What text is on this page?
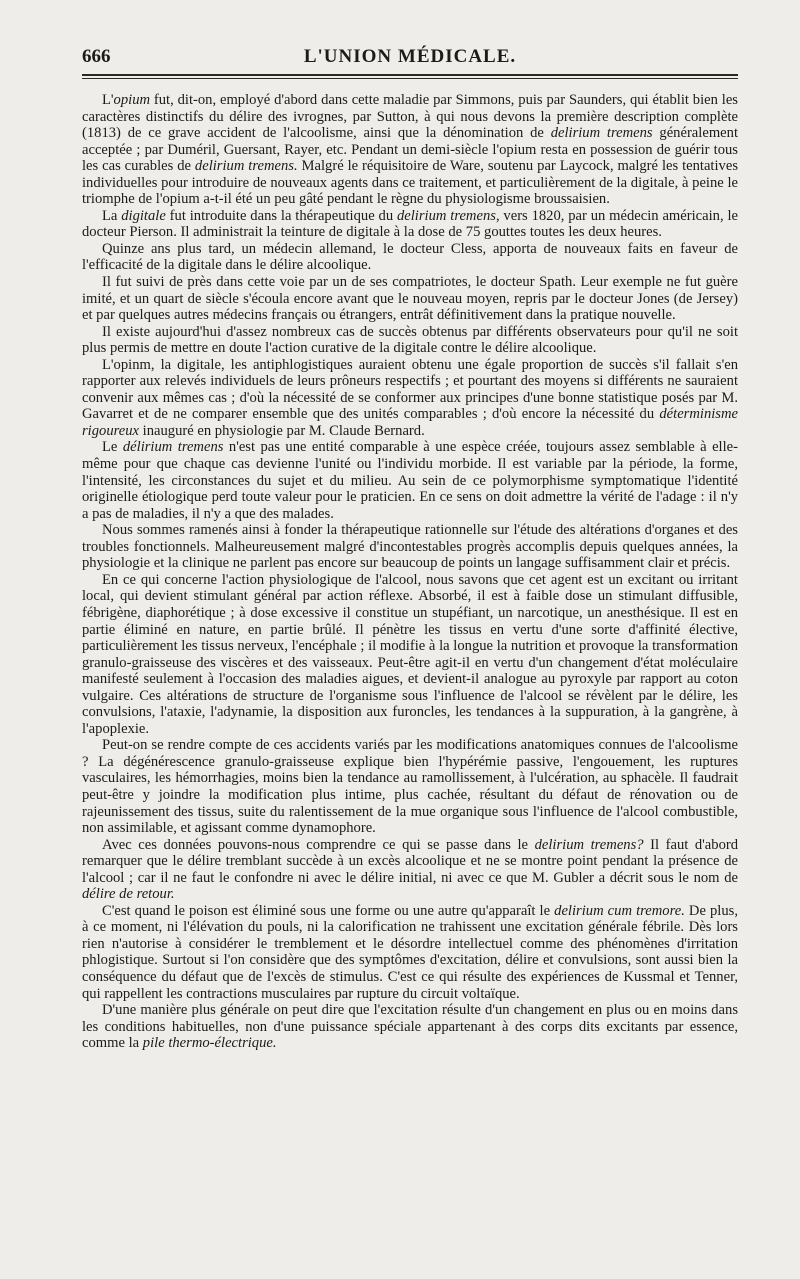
666	L'UNION MÉDICALE.

L'opium fut, dit-on, employé d'abord dans cette maladie par Simmons, puis par Saunders, qui établit bien les caractères distinctifs du délire des ivrognes, par Sutton, à qui nous devons la première description complète (1813) de ce grave accident de l'alcoolisme, ainsi que la dénomination de delirium tremens généralement acceptée ; par Duméril, Guersant, Rayer, etc. Pendant un demi-siècle l'opium resta en possession de guérir tous les cas curables de delirium tremens. Malgré le réquisitoire de Ware, soutenu par Laycock, malgré les tentatives individuelles pour introduire de nouveaux agents dans ce traitement, et particulièrement de la digitale, à peine le triomphe de l'opium a-t-il été un peu gâté pendant le règne du physiologisme broussaisien.

La digitale fut introduite dans la thérapeutique du delirium tremens, vers 1820, par un médecin américain, le docteur Pierson. Il administrait la teinture de digitale à la dose de 75 gouttes toutes les deux heures.

Quinze ans plus tard, un médecin allemand, le docteur Cless, apporta de nouveaux faits en faveur de l'efficacité de la digitale dans le délire alcoolique.

Il fut suivi de près dans cette voie par un de ses compatriotes, le docteur Spath. Leur exemple ne fut guère imité, et un quart de siècle s'écoula encore avant que le nouveau moyen, repris par le docteur Jones (de Jersey) et par quelques autres médecins français ou étrangers, entrât définitivement dans la pratique nouvelle.

Il existe aujourd'hui d'assez nombreux cas de succès obtenus par différents observateurs pour qu'il ne soit plus permis de mettre en doute l'action curative de la digitale contre le délire alcoolique.

L'opinm, la digitale, les antiphlogistiques auraient obtenu une égale proportion de succès s'il fallait s'en rapporter aux relevés individuels de leurs prôneurs respectifs ; et pourtant des moyens si différents ne sauraient convenir aux mêmes cas ; d'où la nécessité de se conformer aux principes d'une bonne statistique posés par M. Gavarret et de ne comparer ensemble que des unités comparables ; d'où encore la nécessité du déterminisme rigoureux inauguré en physiologie par M. Claude Bernard.

Le délirium tremens n'est pas une entité comparable à une espèce créée, toujours assez semblable à elle-même pour que chaque cas devienne l'unité ou l'individu morbide. Il est variable par la période, la forme, l'intensité, les circonstances du sujet et du milieu. Au sein de ce polymorphisme symptomatique l'identité originelle étiologique perd toute valeur pour le praticien. En ce sens on doit admettre la vérité de l'adage : il n'y a pas de maladies, il n'y a que des malades.

Nous sommes ramenés ainsi à fonder la thérapeutique rationnelle sur l'étude des altérations d'organes et des troubles fonctionnels. Malheureusement malgré d'incontestables progrès accomplis depuis quelques années, la physiologie et la clinique ne parlent pas encore sur beaucoup de points un langage suffisamment clair et précis.

En ce qui concerne l'action physiologique de l'alcool, nous savons que cet agent est un excitant ou irritant local, qui devient stimulant général par action réflexe. Absorbé, il est à faible dose un stimulant diffusible, fébrigène, diaphorétique ; à dose excessive il constitue un stupéfiant, un narcotique, un anesthésique. Il est en partie éliminé en nature, en partie brûlé. Il pénètre les tissus en vertu d'une sorte d'affinité élective, particulièrement les tissus nerveux, l'encéphale ; il modifie à la longue la nutrition et provoque la transformation granulo-graisseuse des viscères et des vaisseaux. Peut-être agit-il en vertu d'un changement d'état moléculaire manifesté seulement à l'occasion des maladies aigues, et devient-il analogue au pyroxyle par rapport au coton vulgaire. Ces altérations de structure de l'organisme sous l'influence de l'alcool se révèlent par le délire, les convulsions, l'ataxie, l'adynamie, la disposition aux furoncles, les tendances à la suppuration, à la gangrène, à l'apoplexie.

Peut-on se rendre compte de ces accidents variés par les modifications anatomiques connues de l'alcoolisme ? La dégénérescence granulo-graisseuse explique bien l'hypérémie passive, l'engouement, les ruptures vasculaires, les hémorrhagies, moins bien la tendance au ramollissement, à l'ulcération, au sphacèle. Il faudrait peut-être y joindre la modification plus intime, plus cachée, résultant du défaut de rénovation ou de rajeunissement des tissus, suite du ralentissement de la mue organique sous l'influence de l'alcool combustible, non assimilable, et agissant comme dynamophore.

Avec ces données pouvons-nous comprendre ce qui se passe dans le delirium tremens? Il faut d'abord remarquer que le délire tremblant succède à un excès alcoolique et ne se montre point pendant la présence de l'alcool ; car il ne faut le confondre ni avec le délire initial, ni avec ce que M. Gubler a décrit sous le nom de délire de retour.

C'est quand le poison est éliminé sous une forme ou une autre qu'apparaît le delirium cum tremore. De plus, à ce moment, ni l'élévation du pouls, ni la calorification ne trahissent une excitation générale fébrile. Dès lors rien n'autorise à considérer le tremblement et le désordre intellectuel comme des phénomènes d'irritation phlogistique. Surtout si l'on considère que des symptômes d'excitation, délire et convulsions, sont aussi bien la conséquence du défaut que de l'excès de stimulus. C'est ce qui résulte des expériences de Kussmal et Tenner, qui rappellent les contractions musculaires par rupture du circuit voltaïque.

D'une manière plus générale on peut dire que l'excitation résulte d'un changement en plus ou en moins dans les conditions habituelles, non d'une puissance spéciale appartenant à des corps dits excitants par essence, comme la pile thermo-électrique.
